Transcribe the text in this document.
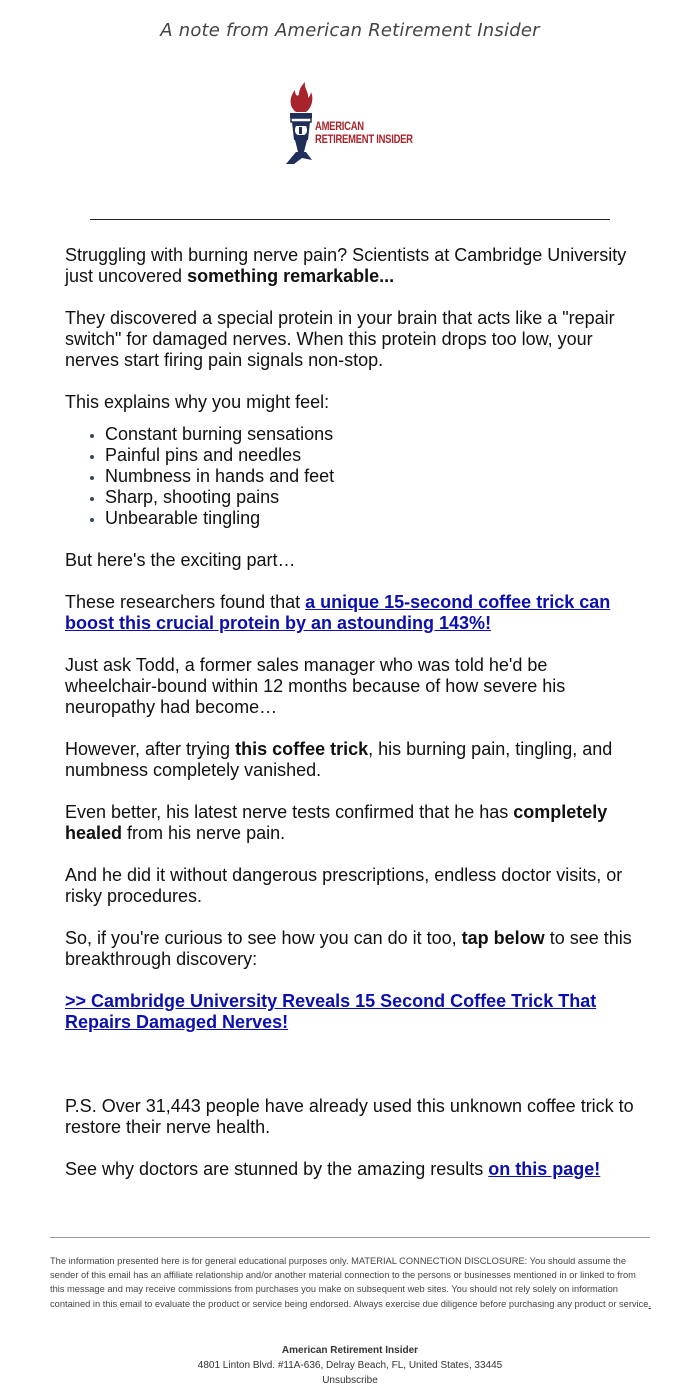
A note from American Retirement Insider
AMERICAN
RETIREMENT INSIDER

Struggling with burning nerve pain? Scientists at Cambridge University just uncovered something remarkable...

They discovered a special protein in your brain that acts like a "repair switch" for damaged nerves. When this protein drops too low, your nerves start firing pain signals non-stop.

This explains why you might feel:

• Constant burning sensations
• Painful pins and needles
• Numbness in hands and feet
• Sharp, shooting pains
• Unbearable tingling

But here's the exciting part…

These researchers found that a unique 15-second coffee trick can boost this crucial protein by an astounding 143%!

Just ask Todd, a former sales manager who was told he'd be wheelchair-bound within 12 months because of how severe his neuropathy had become…

However, after trying this coffee trick, his burning pain, tingling, and numbness completely vanished.

Even better, his latest nerve tests confirmed that he has completely healed from his nerve pain.

And he did it without dangerous prescriptions, endless doctor visits, or risky procedures.

So, if you're curious to see how you can do it too, tap below to see this breakthrough discovery:

>> Cambridge University Reveals 15 Second Coffee Trick That Repairs Damaged Nerves!

P.S. Over 31,443 people have already used this unknown coffee trick to restore their nerve health.

See why doctors are stunned by the amazing results on this page!

The information presented here is for general educational purposes only. MATERIAL CONNECTION DISCLOSURE: You should assume the sender of this email has an affiliate relationship and/or another material connection to the persons or businesses mentioned in or linked to from this message and may receive commissions from purchases you make on subsequent web sites. You should not rely solely on information contained in this email to evaluate the product or service being endorsed. Always exercise due diligence before purchasing any product or service.
American Retirement Insider
4801 Linton Blvd. #11A-636, Delray Beach, FL, United States, 33445
Unsubscribe
